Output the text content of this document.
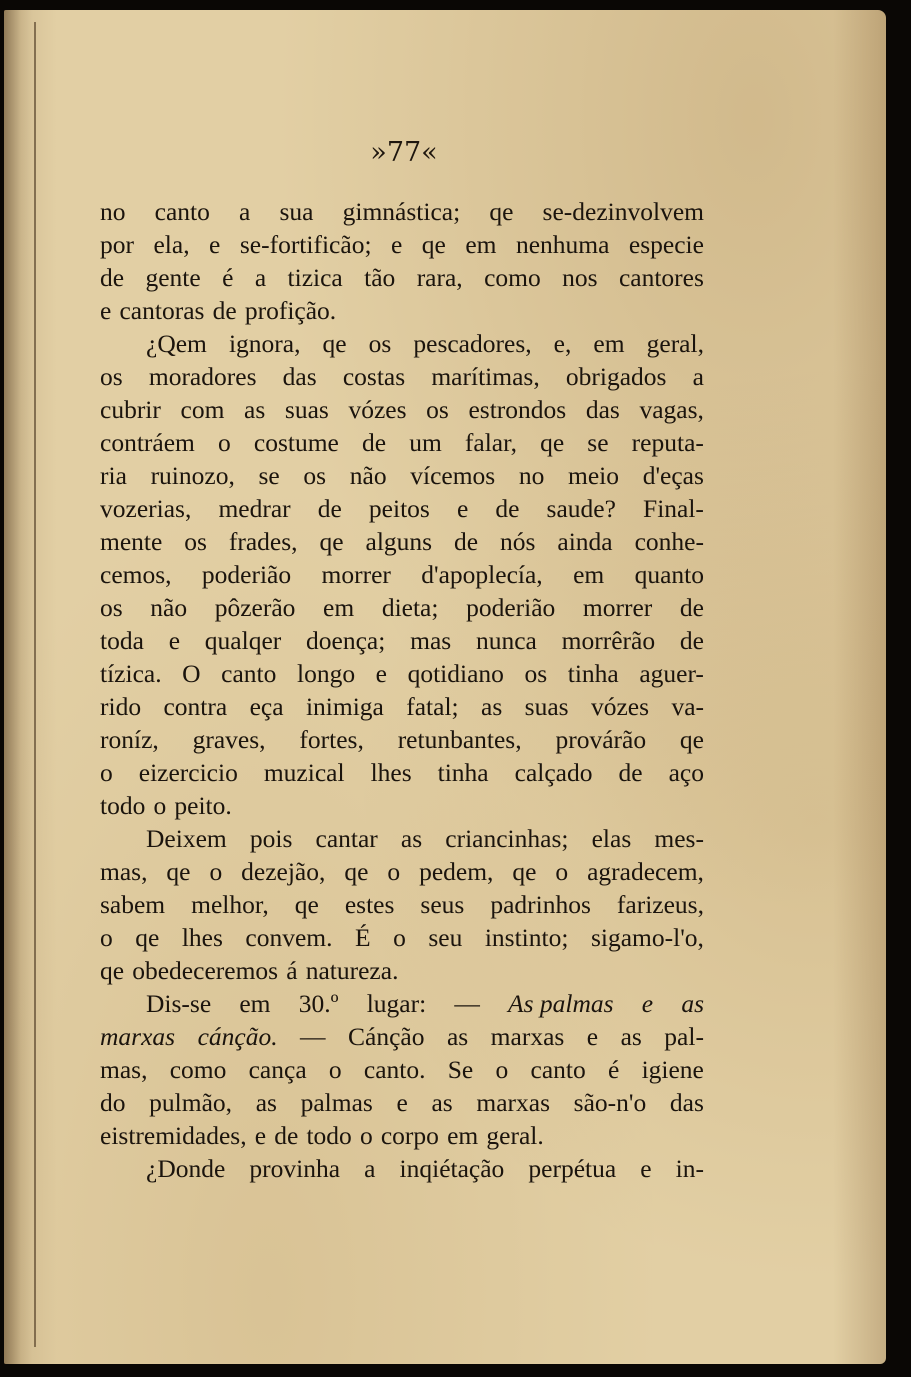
»77«
no canto a sua gimnástica; qe se-dezinvolvem
por ela, e se-fortificão; e qe em nenhuma especie
de gente é a tizica tão rara, como nos cantores
e cantoras de profição.
¿Qem ignora, qe os pescadores, e, em geral,
os moradores das costas marítimas, obrigados a
cubrir com as suas vózes os estrondos das vagas,
contráem o costume de um falar, qe se reputa-
ria ruinozo, se os não vícemos no meio d'eças
vozerias, medrar de peitos e de saude? Final-
mente os frades, qe alguns de nós ainda conhe-
cemos, poderião morrer d'apoplecía, em quanto
os não pôzerão em dieta; poderião morrer de
toda e qualqer doença; mas nunca morrêrão de
tízica. O canto longo e qotidiano os tinha aguer-
rido contra eça inimiga fatal; as suas vózes va-
roníz, graves, fortes, retunbantes, provárão qe
o eizercicio muzical lhes tinha calçado de aço
todo o peito.
Deixem pois cantar as criancinhas; elas mes-
mas, qe o dezejão, qe o pedem, qe o agradecem,
sabem melhor, qe estes seus padrinhos farizeus,
o qe lhes convem. É o seu instinto; sigamo-l'o,
qe obedeceremos á natureza.
Dis-se em 30.º lugar: — As palmas e as
marxas cánção. — Cánção as marxas e as pal-
mas, como cança o canto. Se o canto é igiene
do pulmão, as palmas e as marxas são-n'o das
eistremidades, e de todo o corpo em geral.
¿Donde provinha a inqiétação perpétua e in-
